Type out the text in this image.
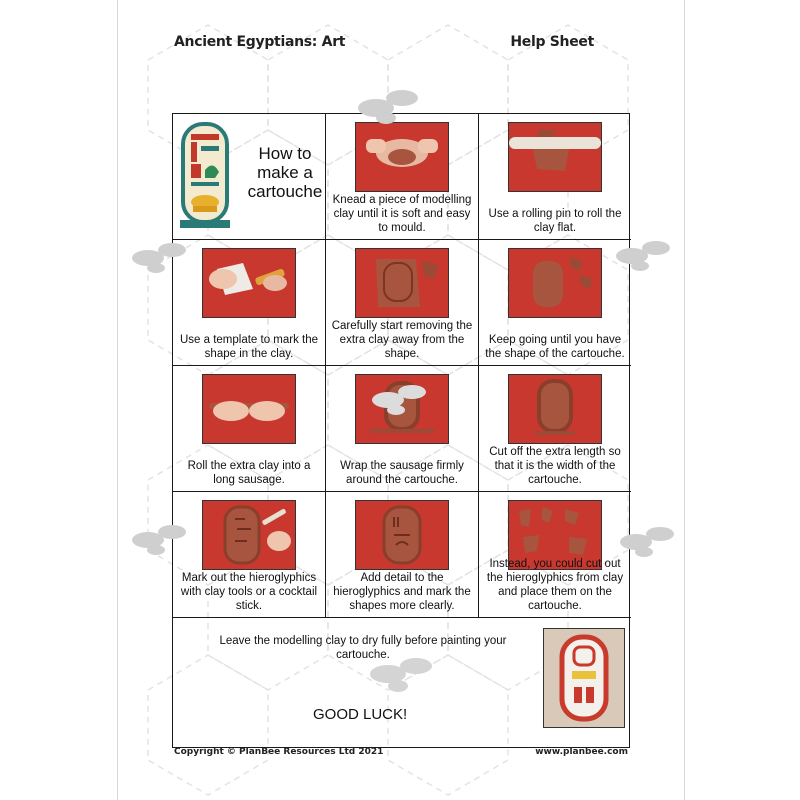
Ancient Egyptians: Art	Help Sheet
How to make a cartouche Knead a piece of modelling clay until it is soft and easy to mould.
Use a rolling pin to roll the clay flat.
Use a template to mark the shape in the clay.
Carefully start removing the extra clay away from the shape.
Keep going until you have the shape of the cartouche.
Roll the extra clay into a long sausage.
Wrap the sausage firmly around the cartouche.
Cut off the extra length so that it is the width of the cartouche.
Mark out the hieroglyphics with clay tools or a cocktail stick.
Add detail to the hieroglyphics and mark the shapes more clearly.
Instead, you could cut out the hieroglyphics from clay and place them on the cartouche.
Leave the modelling clay to dry fully before painting your cartouche.
GOOD LUCK!
Copyright © PlanBee Resources Ltd 2021	www.planbee.com
